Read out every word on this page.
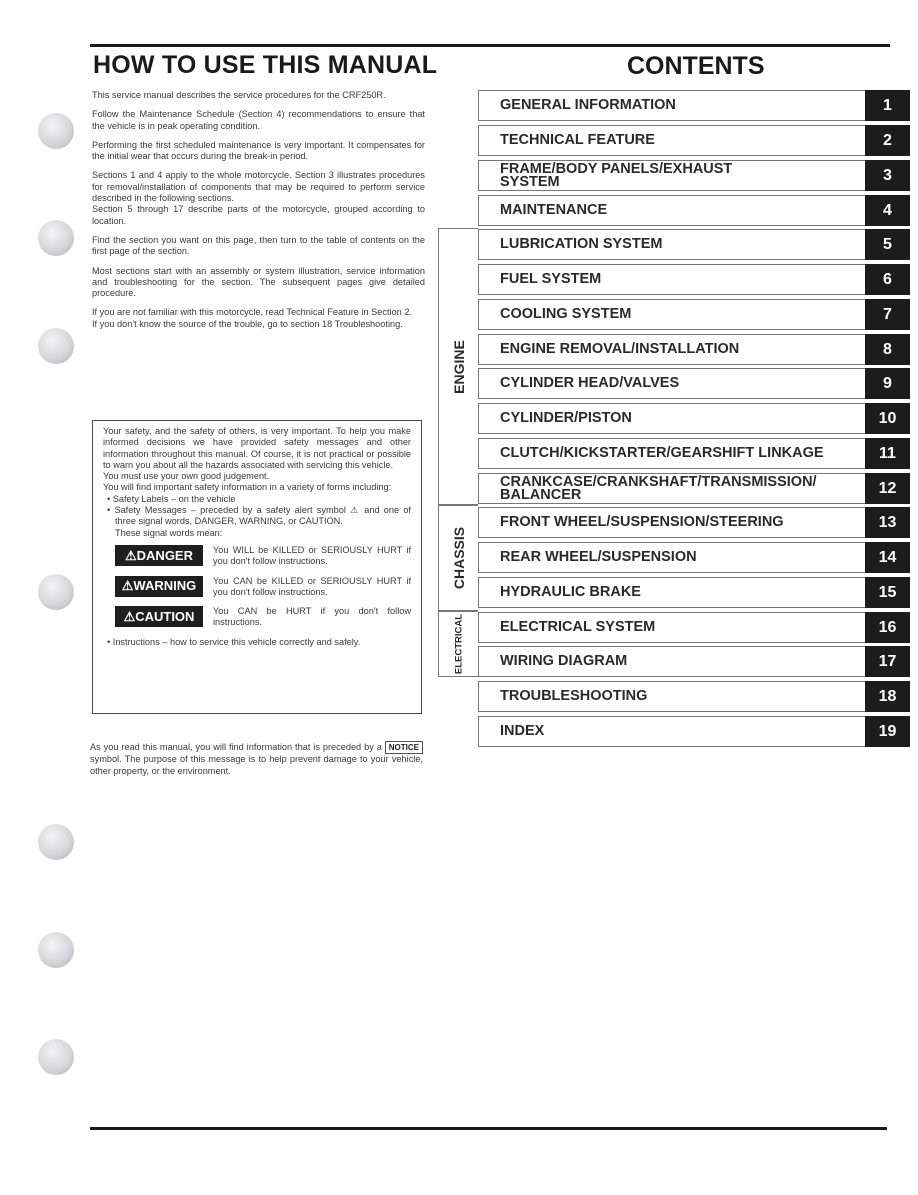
HOW TO USE THIS MANUAL	CONTENTS

This service manual describes the service procedures for the CRF250R.

Follow the Maintenance Schedule (Section 4) recommendations to ensure that the vehicle is in peak operating condition.

Performing the first scheduled maintenance is very important. It compensates for the initial wear that occurs during the break-in period.

Sections 1 and 4 apply to the whole motorcycle. Section 3 illustrates procedures for removal/installation of components that may be required to perform service described in the following sections.

Section 5 through 17 describe parts of the motorcycle, grouped according to location.

Find the section you want on this page, then turn to the table of contents on the first page of the section.

Most sections start with an assembly or system illustration, service information and troubleshooting for the section. The subsequent pages give detailed procedure.

If you are not familiar with this motorcycle, read Technical Feature in Section 2.

If you don't know the source of the trouble, go to section 18 Troubleshooting.

Your safety, and the safety of others, is very important. To help you make informed decisions we have provided safety messages and other information throughout this manual. Of course, it is not practical or possible to warn you about all the hazards associated with servicing this vehicle.

You must use your own good judgement.

You will find important safety information in a variety of forms including:

• Safety Labels – on the vehicle

• Safety Messages – preceded by a safety alert symbol ⚠ and one of three signal words, DANGER, WARNING, or CAUTION.

These signal words mean:

⚠DANGER	You WILL be KILLED or SERIOUSLY HURT if you don't follow instructions.
⚠WARNING	You CAN be KILLED or SERIOUSLY HURT if you don't follow instructions.
⚠CAUTION	You CAN be HURT if you don't follow instructions.

• Instructions – how to service this vehicle correctly and safely.

As you read this manual, you will find information that is preceded by a NOTICE symbol. The purpose of this message is to help prevent damage to your vehicle, other property, or the environment.
ENGINE
CHASSIS
ELECTRICAL
GENERAL INFORMATION	1
TECHNICAL FEATURE	2
FRAME/BODY PANELS/EXHAUST SYSTEM	3
MAINTENANCE	4
LUBRICATION SYSTEM	5
FUEL SYSTEM	6
COOLING SYSTEM	7
ENGINE REMOVAL/INSTALLATION	8
CYLINDER HEAD/VALVES	9
CYLINDER/PISTON	10
CLUTCH/KICKSTARTER/GEARSHIFT LINKAGE	11
CRANKCASE/CRANKSHAFT/TRANSMISSION/ BALANCER	12
FRONT WHEEL/SUSPENSION/STEERING	13
REAR WHEEL/SUSPENSION	14
HYDRAULIC BRAKE	15
ELECTRICAL SYSTEM	16
WIRING DIAGRAM	17
TROUBLESHOOTING	18
INDEX	19
